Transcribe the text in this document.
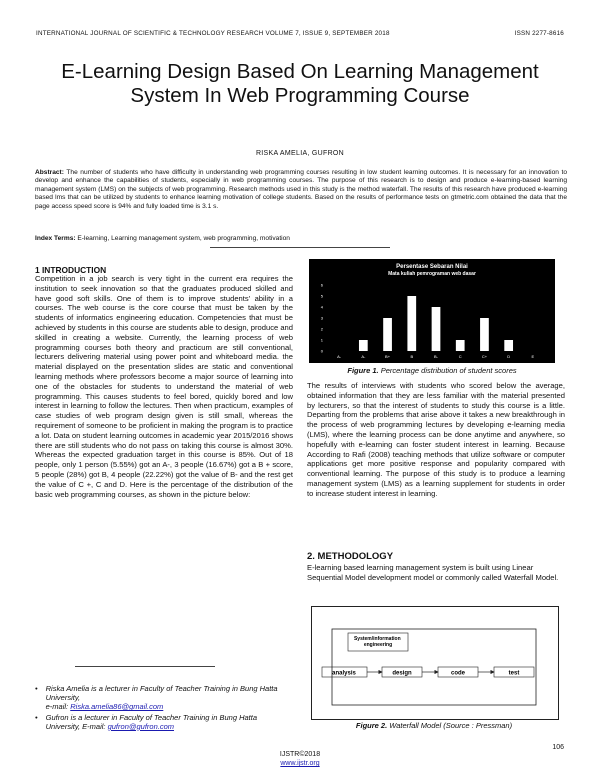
INTERNATIONAL JOURNAL OF SCIENTIFIC & TECHNOLOGY RESEARCH VOLUME 7, ISSUE 9, SEPTEMBER 2018	ISSN 2277-8616
E-Learning Design Based On Learning Management System In Web Programming Course
RISKA AMELIA, GUFRON
Abstract: The number of students who have difficulty in understanding web programming courses resulting in low student learning outcomes. It is necessary for an innovation to develop and enhance the capabilities of students, especially in web programming courses. The purpose of this research is to design and produce e-learning-based learning management system (LMS) on the subjects of web programming. Research methods used in this study is the method waterfall. The results of this research have produced e-learning based lms that can be utilized by students to enhance learning motivation of college students. Based on the results of performance tests on gtmetric.com obtained the data that the page access speed score is 94% and fully loaded time is 3.1 s.
Index Terms: E-learning, Learning management system, web programming, motivation
1 INTRODUCTION
Competition in a job search is very tight in the current era requires the institution to seek innovation so that the graduates produced skilled and have good soft skills. One of them is to improve students' ability in a courses. The web course is the core course that must be taken by the students of informatics engineering education. Competencies that must be achieved by students in this course are students able to design, produce and skilled in creating a website. Currently, the learning process of web programming courses both theory and practicum are still conventional, lecturers delivering material using power point and whiteboard media. the material displayed on the presentation slides are static and conventional learning methods where professors become a major source of learning into one of the obstacles for students to understand the material of web programming. This causes students to feel bored, quickly bored and low interest in learning to follow the lectures. Then when practicum, examples of case studies of web program design given is still small, whereas the requirement of someone to be proficient in making the program is to practice a lot. Data on student learning outcomes in academic year 2015/2016 shows there are still students who do not pass on taking this course is almost 30%. Whereas the expected graduation target in this course is 85%. Out of 18 people, only 1 person (5.55%) got an A-, 3 people (16.67%) got a B + score, 5 people (28%) got B, 4 people (22.22%) got the value of B- and the rest get the value of C +, C and D. Here is the percentage of the distribution of the basic web programming courses, as shown in the picture below:
• Riska Amelia is a lecturer in Faculty of Teacher Training in Bung Hatta University,
e-mail: Riska.amelia86@gmail.com
• Gufron is a lecturer in Faculty of Teacher Training in Bung Hatta University, E-mail: gufron@gufron.com
Persentase Sebaran Nilai
Mata kuliah pemrograman web dasar
0
1
2
3
4
5
6
A-	A-	B+	B	B-	C	C+	D	E
Figure 1. Percentage distribution of student scores
The results of interviews with students who scored below the average, obtained information that they are less familiar with the material presented by lecturers, so that the interest of students to study this course is a little. Departing from the problems that arise above it takes a new breakthrough in the process of web programming lectures by developing e-learning media (LMS), where the learning process can be done anytime and anywhere, so hopefully with e-learning can foster student interest in learning. Because According to Rafi (2008) teaching methods that utilize software or computer applications get more positive response and popularity compared with conventional learning. The purpose of this study is to produce a learning management system (LMS) as a learning supplement for students in order to increase student interest in learning.
2. METHODOLOGY
E-learning based learning management system is built using Linear Sequential Model development model or commonly called Waterfall Model.
analysis	design	code	test
System/information engineering
Figure 2. Waterfall Model (Source : Pressman)
106
IJSTR©2018
www.ijstr.org
